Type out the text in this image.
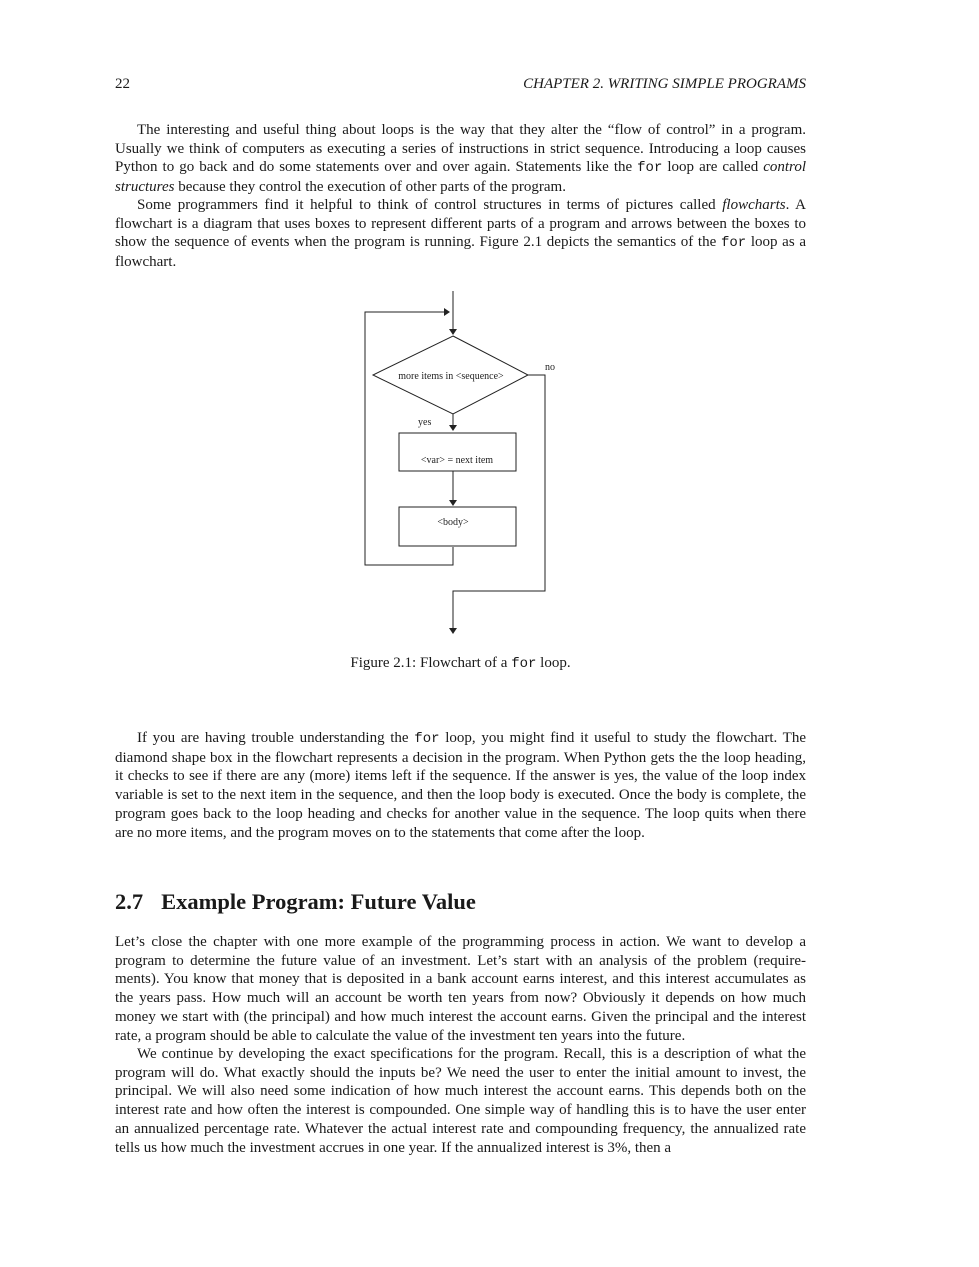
22	CHAPTER 2. WRITING SIMPLE PROGRAMS

The interesting and useful thing about loops is the way that they alter the “flow of control” in a program. Usually we think of computers as executing a series of instructions in strict sequence. Introducing a loop causes Python to go back and do some statements over and over again. Statements like the for loop are called control structures because they control the execution of other parts of the program.

Some programmers find it helpful to think of control structures in terms of pictures called flowcharts. A flowchart is a diagram that uses boxes to represent different parts of a program and arrows between the boxes to show the sequence of events when the program is running. Figure 2.1 depicts the semantics of the for loop as a flowchart.

more items in <sequence>
yes
no
<var> = next item
<body>
Figure 2.1: Flowchart of a for loop.

If you are having trouble understanding the for loop, you might find it useful to study the flowchart. The diamond shape box in the flowchart represents a decision in the program. When Python gets the the loop heading, it checks to see if there are any (more) items left if the sequence. If the answer is yes, the value of the loop index variable is set to the next item in the sequence, and then the loop body is executed. Once the body is complete, the program goes back to the loop heading and checks for another value in the sequence. The loop quits when there are no more items, and the program moves on to the statements that come after the loop.

2.7 Example Program: Future Value

Let’s close the chapter with one more example of the programming process in action. We want to develop a program to determine the future value of an investment. Let’s start with an analysis of the problem (require-ments). You know that money that is deposited in a bank account earns interest, and this interest accumulates as the years pass. How much will an account be worth ten years from now? Obviously it depends on how much money we start with (the principal) and how much interest the account earns. Given the principal and the interest rate, a program should be able to calculate the value of the investment ten years into the future.

We continue by developing the exact specifications for the program. Recall, this is a description of what the program will do. What exactly should the inputs be? We need the user to enter the initial amount to invest, the principal. We will also need some indication of how much interest the account earns. This depends both on the interest rate and how often the interest is compounded. One simple way of handling this is to have the user enter an annualized percentage rate. Whatever the actual interest rate and compounding frequency, the annualized rate tells us how much the investment accrues in one year. If the annualized interest is 3%, then a
